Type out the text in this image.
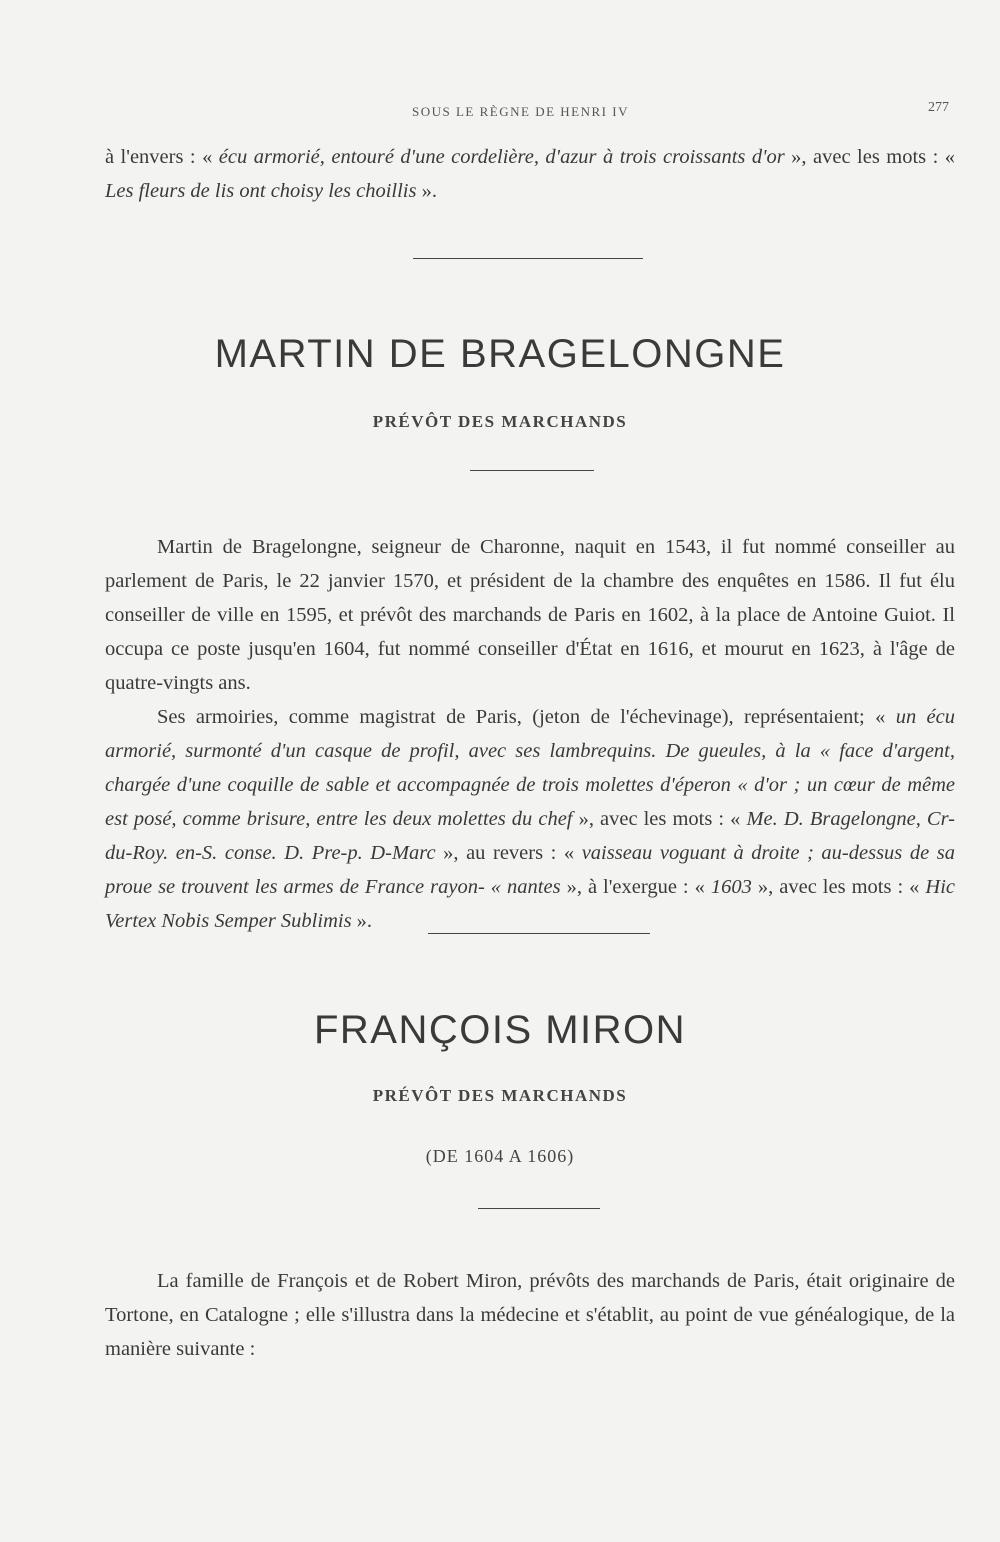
SOUS LE RÈGNE DE HENRI IV	277

à l'envers : « écu armorié, entouré d'une cordelière, d'azur à trois croissants d'or », avec les mots : « Les fleurs de lis ont choisy les choillis ».

MARTIN DE BRAGELONGNE
PRÉVÔT DES MARCHANDS

Martin de Bragelongne, seigneur de Charonne, naquit en 1543, il fut nommé conseiller au parlement de Paris, le 22 janvier 1570, et président de la chambre des enquêtes en 1586. Il fut élu conseiller de ville en 1595, et prévôt des marchands de Paris en 1602, à la place de Antoine Guiot. Il occupa ce poste jusqu'en 1604, fut nommé conseiller d'État en 1616, et mourut en 1623, à l'âge de quatre-vingts ans.

Ses armoiries, comme magistrat de Paris, (jeton de l'échevinage), représentaient; « un écu armorié, surmonté d'un casque de profil, avec ses lambrequins. De gueules, à la « face d'argent, chargée d'une coquille de sable et accompagnée de trois molettes d'éperon « d'or ; un cœur de même est posé, comme brisure, entre les deux molettes du chef », avec les mots : « Me. D. Bragelongne, Cr-du-Roy. en-S. conse. D. Pre-p. D-Marc », au revers : « vaisseau voguant à droite ; au-dessus de sa proue se trouvent les armes de France rayon- « nantes », à l'exergue : « 1603 », avec les mots : « Hic Vertex Nobis Semper Sublimis ».

FRANÇOIS MIRON
PRÉVÔT DES MARCHANDS
(DE 1604 A 1606)

La famille de François et de Robert Miron, prévôts des marchands de Paris, était originaire de Tortone, en Catalogne ; elle s'illustra dans la médecine et s'établit, au point de vue généalogique, de la manière suivante :
